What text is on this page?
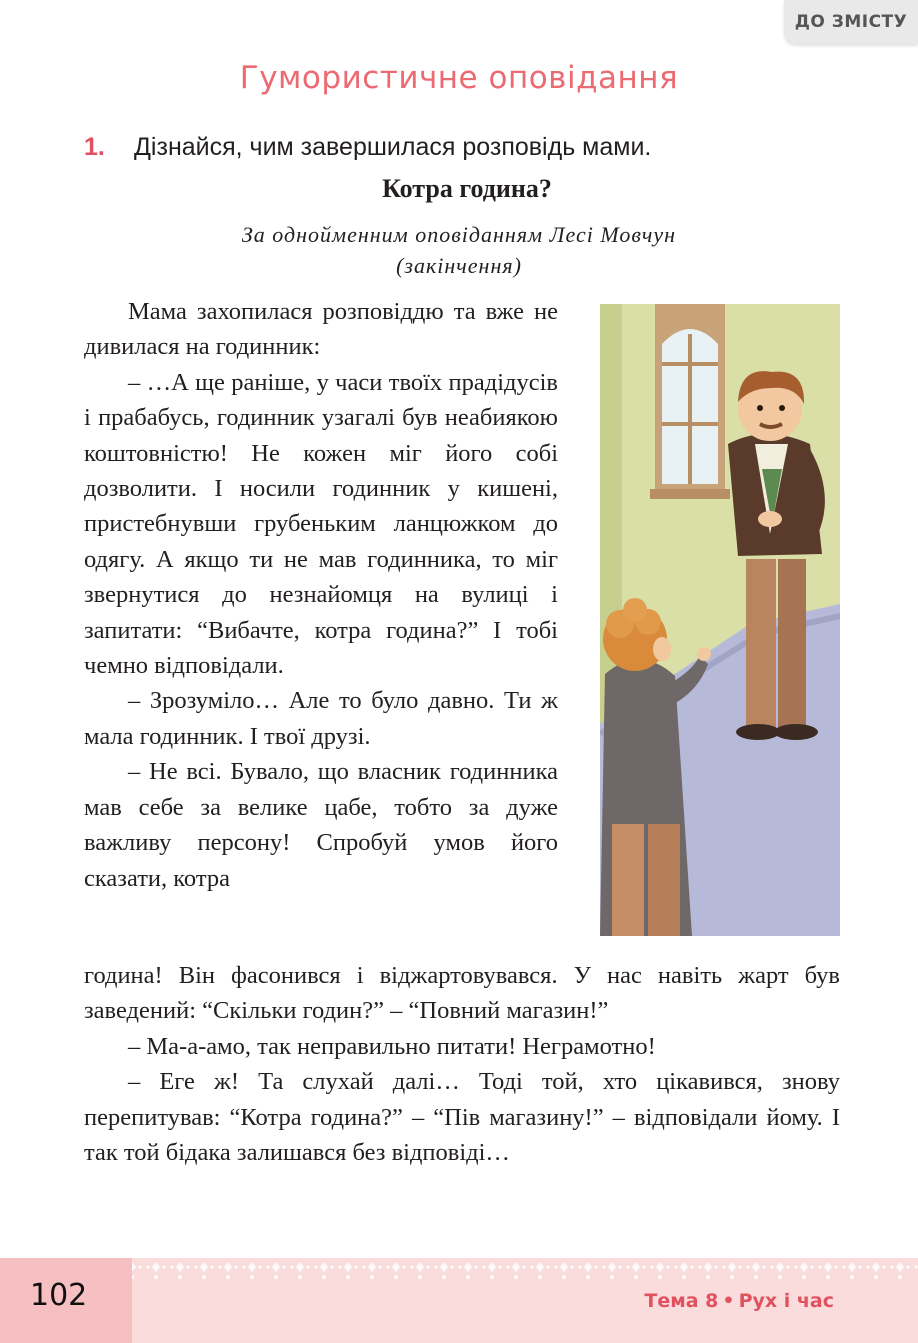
ДО ЗМІСТУ
Гумористичне оповідання
1. Дізнайся, чим завершилася розповідь мами.
Котра година?
За однойменним оповіданням Лесі Мовчун
(закінчення)

Мама захопилася розповіддю та вже не дивилася на годинник:

– …А ще раніше, у часи твоїх прадідусів і прабабусь, годинник узагалі був неабиякою коштовністю! Не кожен міг його собі дозволити. І носили годинник у кишені, пристебнувши грубеньким ланцюжком до одягу. А якщо ти не мав годинника, то міг звернутися до незнайомця на вулиці і запитати: “Вибачте, котра година?” І тобі чемно відповідали.

– Зрозуміло… Але то було давно. Ти ж мала годинник. І твої друзі.

– Не всі. Бувало, що власник годинника мав себе за велике цабе, тобто за дуже важливу персону! Спробуй умов його сказати, котра

година! Він фасонився і віджартовувався. У нас навіть жарт був заведений: “Скільки годин?” – “Повний магазин!”

– Ма-а-амо, так неправильно питати! Неграмотно!

– Еге ж! Та слухай далі… Тоді той, хто цікавився, знову перепитував: “Котра година?” – “Пів магазину!” – відповідали йому. І так той бідака залишався без відповіді…

102	Тема 8 • Рух і час
